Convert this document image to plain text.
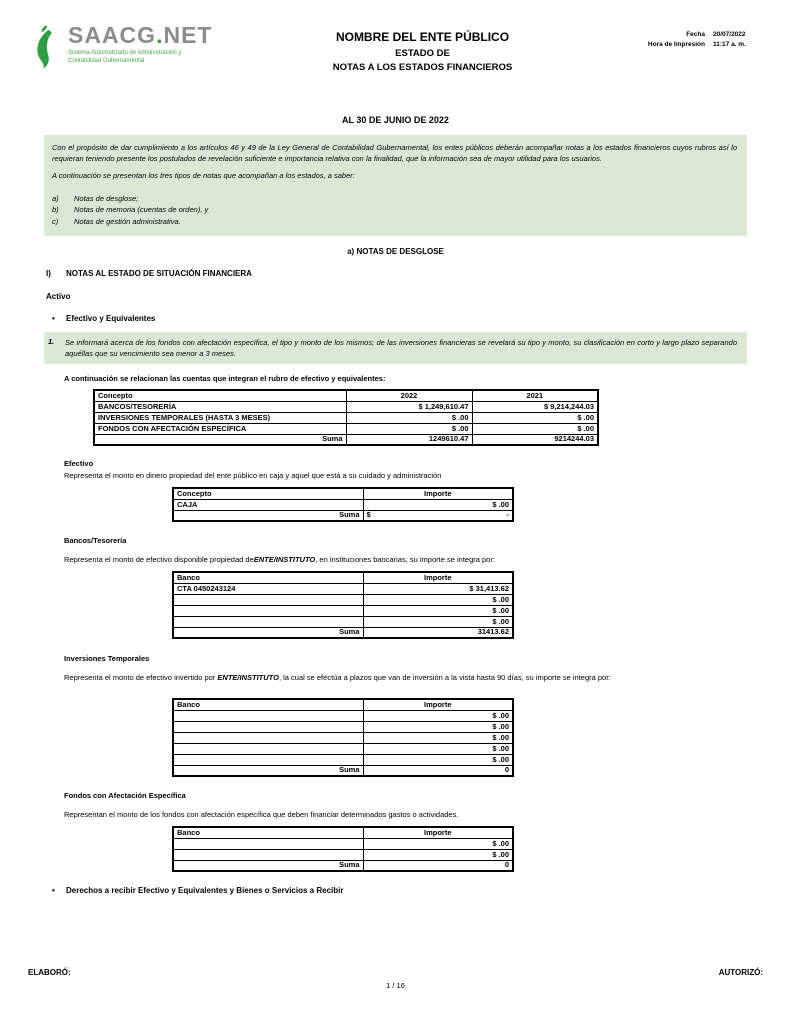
SAACG.NET
Sistema Automatizado de Administración y
Contabilidad Gubernamental
NOMBRE DEL ENTE PÚBLICO
ESTADO DE
NOTAS A LOS ESTADOS FINANCIEROS
Fecha 20/07/2022
Hora de Impresión 11:17 a. m.
AL 30 DE JUNIO DE 2022

Con el propósito de dar cumplimiento a los artículos 46 y 49 de la Ley General de Contabilidad Gubernamental, los entes públicos deberán acompañar notas a los estados financieros cuyos rubros así lo requieran teniendo presente los postulados de revelación suficiente e importancia relativa con la finalidad, que la información sea de mayor utilidad para los usuarios.

A continuación se presentan los tres tipos de notas que acompañan a los estados, a saber:

a)	Notas de desglose;
b)	Notas de memoria (cuentas de orden), y
c)	Notas de gestión administrativa.
a) NOTAS DE DESGLOSE
I)	NOTAS AL ESTADO DE SITUACIÓN FINANCIERA
Activo
•	Efectivo y Equivalentes
1.	Se informará acerca de los fondos con afectación específica, el tipo y monto de los mismos; de las inversiones financieras se revelará su tipo y monto, su clasificación en corto y largo plazo separando aquéllas que su vencimiento sea menor a 3 meses.
A continuación se relacionan las cuentas que integran el rubro de efectivo y equivalentes:
Concepto	2022	2021
BANCOS/TESORERÍA	$ 1,249,610.47	$ 9,214,244.03
INVERSIONES TEMPORALES (HASTA 3 MESES)	$ .00	$ .00
FONDOS CON AFECTACIÓN ESPECÍFICA	$ .00	$ .00
Suma	1249610.47	9214244.03
Efectivo
Representa el monto en dinero propiedad del ente público en caja y aquel que está a su cuidado y administración
Concepto	Importe
CAJA	$ .00
Suma	$ -
Bancos/Tesorería
Representa el monto de efectivo disponible propiedad deENTE/INSTITUTO, en instituciones bancarias, su importe se integra por:
Banco	Importe
CTA 0450243124	$ 31,413.62
	$ .00
	$ .00
	$ .00
Suma	31413.62
Inversiones Temporales
Representa el monto de efectivo invertido por ENTE/INSTITUTO, la cual se efectúa a plazos que van de inversión a la vista hasta 90 días, su importe se integra por:
Banco	Importe
	$ .00
	$ .00
	$ .00
	$ .00
	$ .00
Suma	0
Fondos con Afectación Específica
Representan el monto de los fondos con afectación específica que deben financiar determinados gastos o actividades.
Banco	Importe
	$ .00
	$ .00
Suma	0
•	Derechos a recibir Efectivo y Equivalentes y Bienes o Servicios a Recibir
ELABORÓ:	AUTORIZÓ:
1 / 16
